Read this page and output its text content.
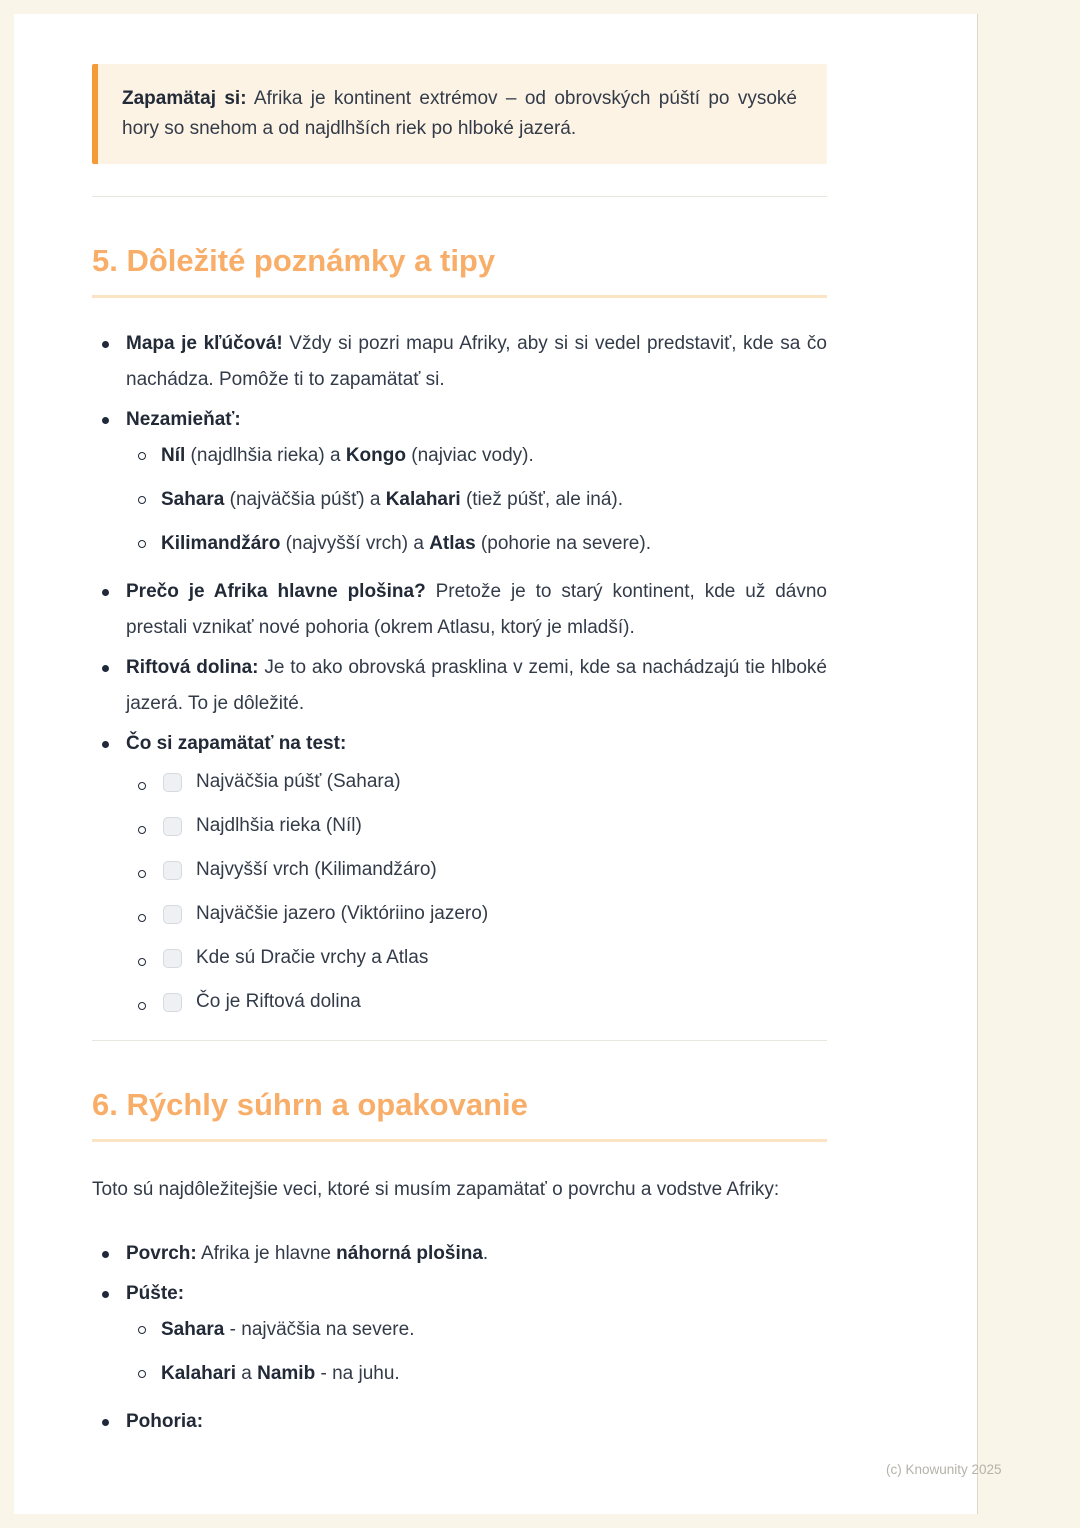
Zapamätaj si: Afrika je kontinent extrémov – od obrovských púští po vysoké hory so snehom a od najdlhších riek po hlboké jazerá.

5. Dôležité poznámky a tipy

Mapa je kľúčová! Vždy si pozri mapu Afriky, aby si si vedel predstaviť, kde sa čo nachádza. Pomôže ti to zapamätať si.

Nezamieňať:

Níl (najdlhšia rieka) a Kongo (najviac vody).

Sahara (najväčšia púšť) a Kalahari (tiež púšť, ale iná).

Kilimandžáro (najvyšší vrch) a Atlas (pohorie na severe).

Prečo je Afrika hlavne plošina? Pretože je to starý kontinent, kde už dávno prestali vznikať nové pohoria (okrem Atlasu, ktorý je mladší).

Riftová dolina: Je to ako obrovská prasklina v zemi, kde sa nachádzajú tie hlboké jazerá. To je dôležité.

Čo si zapamätať na test:

Najväčšia púšť (Sahara)
Najdlhšia rieka (Níl)
Najvyšší vrch (Kilimandžáro)
Najväčšie jazero (Viktóriino jazero)
Kde sú Dračie vrchy a Atlas
Čo je Riftová dolina
6. Rýchly súhrn a opakovanie

Toto sú najdôležitejšie veci, ktoré si musím zapamätať o povrchu a vodstve Afriky:

Povrch: Afrika je hlavne náhorná plošina.

Púšte:

Sahara - najväčšia na severe.

Kalahari a Namib - na juhu.

Pohoria:

(c) Knowunity 2025
